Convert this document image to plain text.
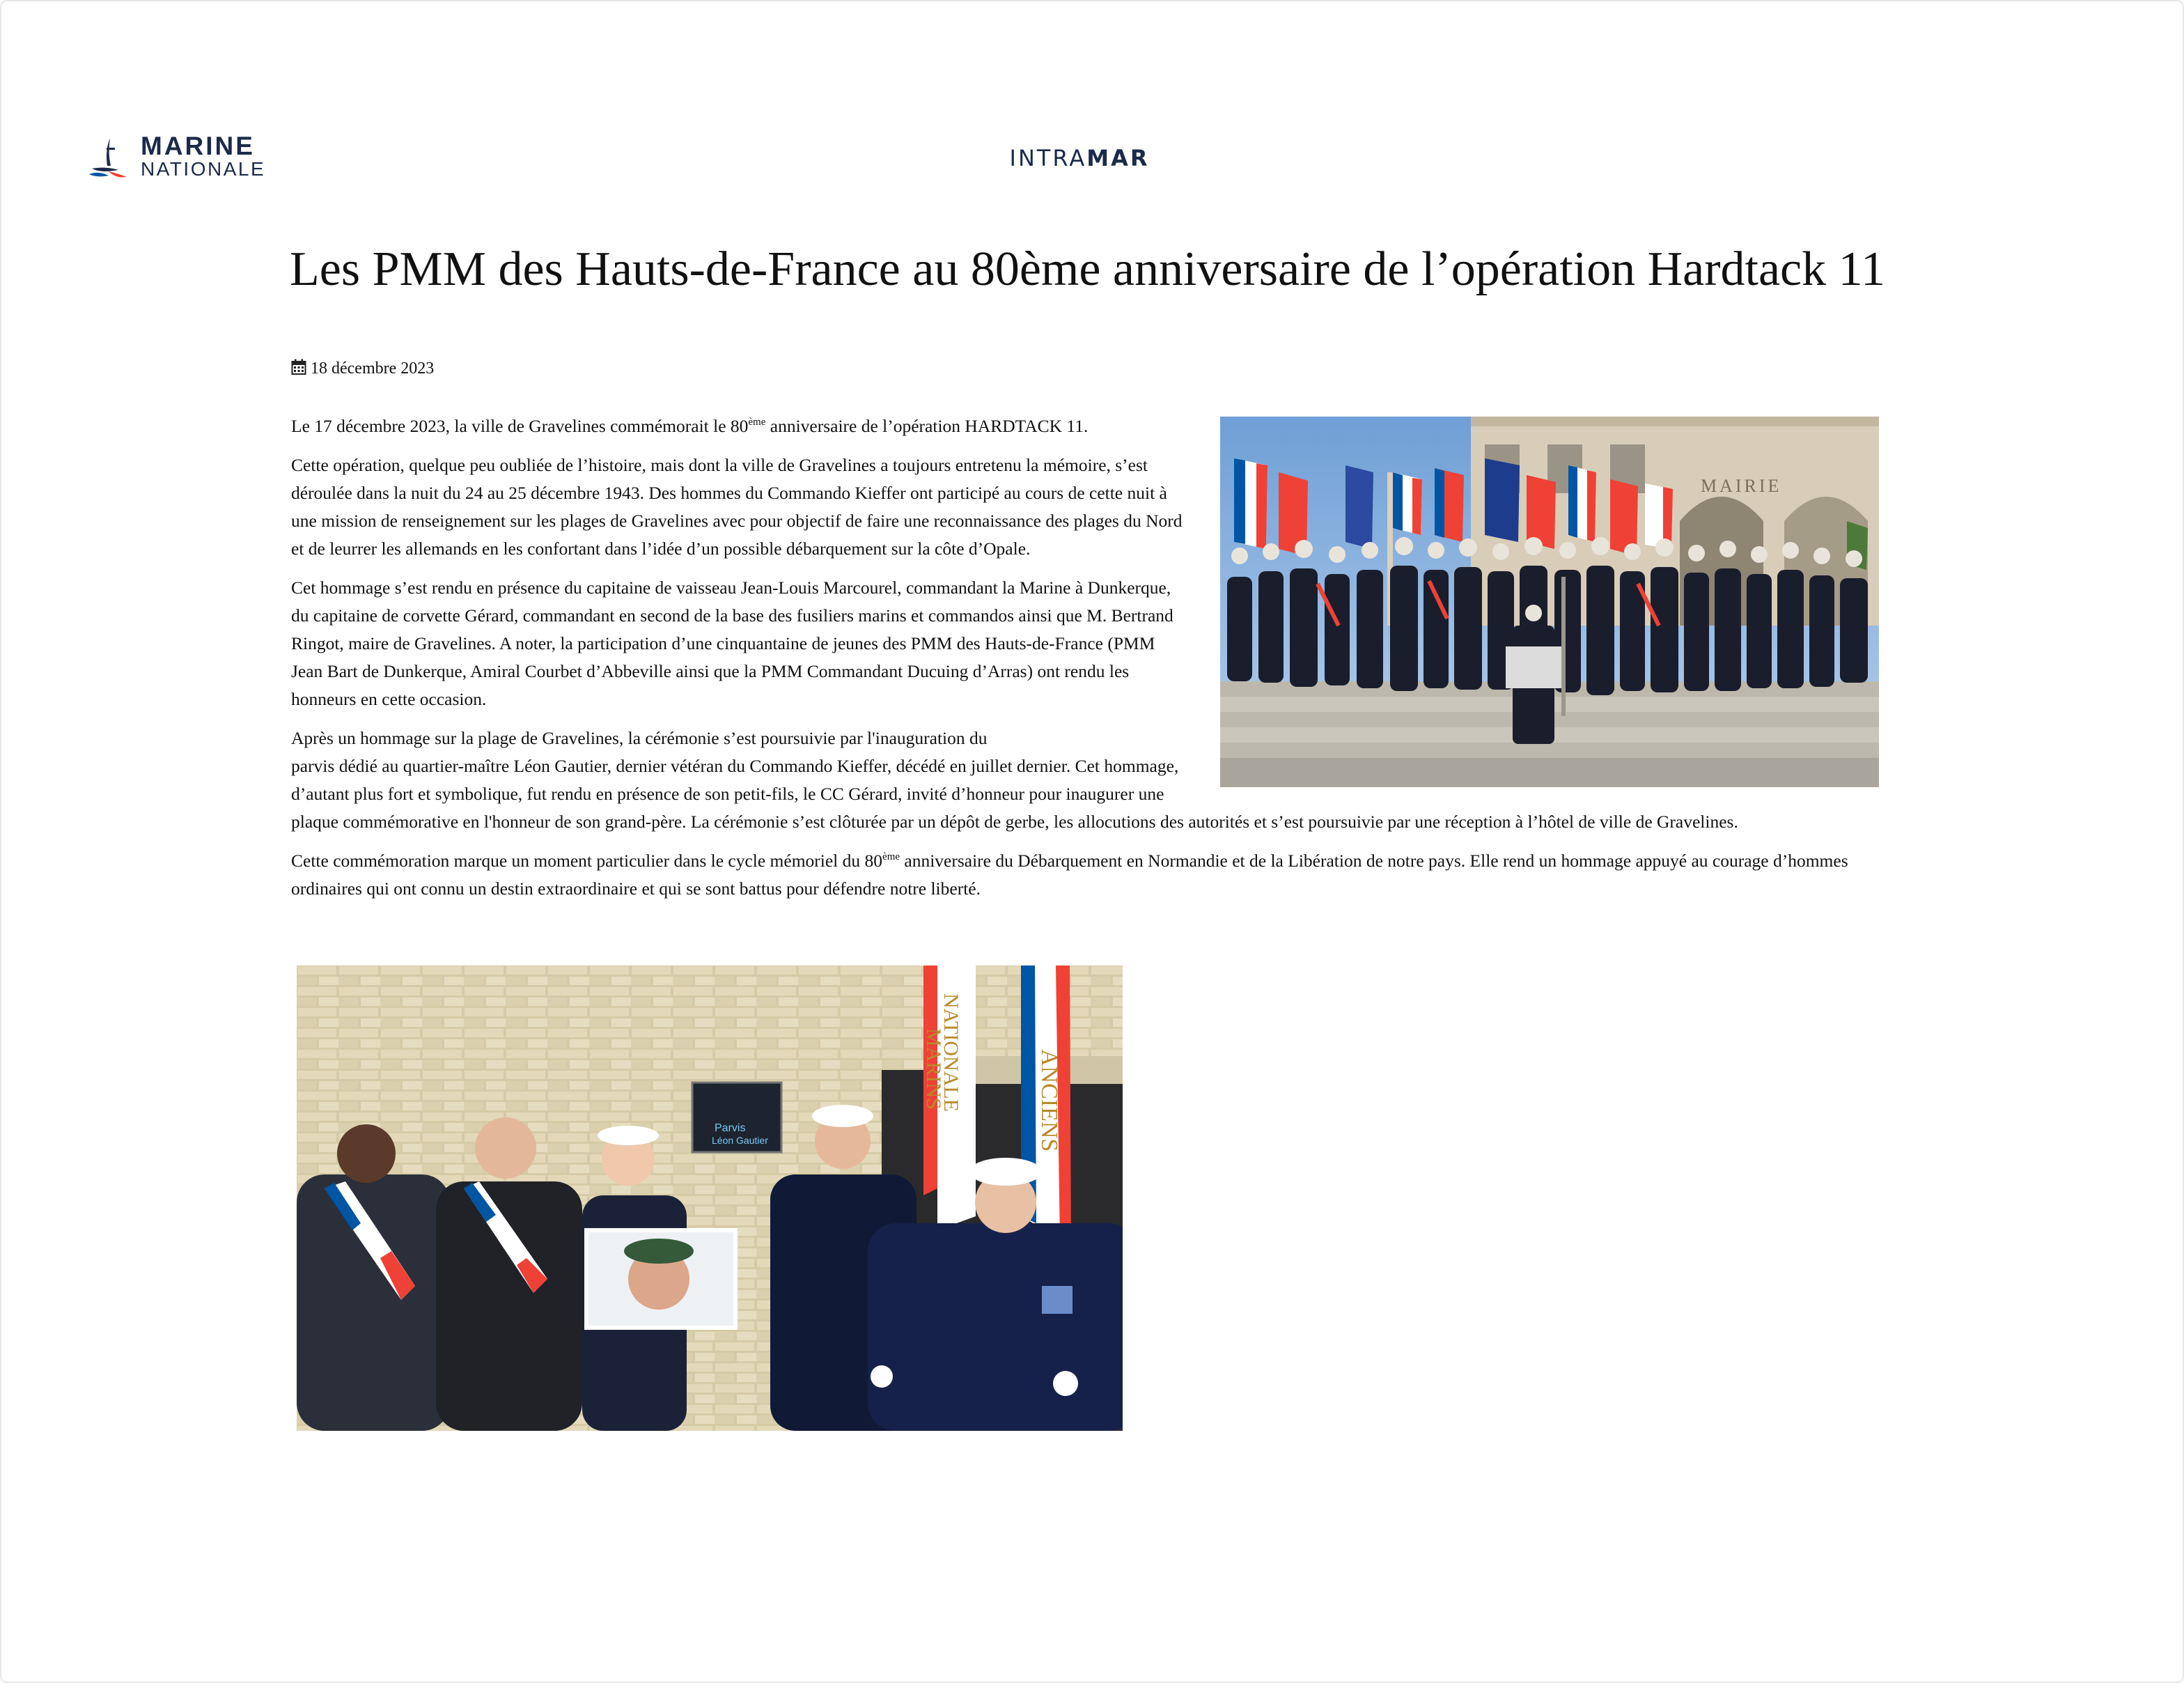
MARINE
NATIONALE	INTRAMAR
Les PMM des Hauts-de-France au 80ème anniversaire de l’opération Hardtack 11
18 décembre 2023
MAIRIE

Le 17 décembre 2023, la ville de Gravelines commémorait le 80ème anniversaire de l’opération HARDTACK 11.

Cette opération, quelque peu oubliée de l’histoire, mais dont la ville de Gravelines a toujours entretenu la mémoire, s’est déroulée dans la nuit du 24 au 25 décembre 1943. Des hommes du Commando Kieffer ont participé au cours de cette nuit à une mission de renseignement sur les plages de Gravelines avec pour objectif de faire une reconnaissance des plages du Nord et de leurrer les allemands en les confortant dans l’idée d’un possible débarquement sur la côte d’Opale.

Cet hommage s’est rendu en présence du capitaine de vaisseau Jean-Louis Marcourel, commandant la Marine à Dunkerque, du capitaine de corvette Gérard, commandant en second de la base des fusiliers marins et commandos ainsi que M. Bertrand Ringot, maire de Gravelines. A noter, la participation d’une cinquantaine de jeunes des PMM des Hauts-de-France (PMM Jean Bart de Dunkerque, Amiral Courbet d’Abbeville ainsi que la PMM Commandant Ducuing d’Arras) ont rendu les honneurs en cette occasion.

Après un hommage sur la plage de Gravelines, la cérémonie s’est poursuivie par l'inauguration du
parvis dédié au quartier-maître Léon Gautier, dernier vétéran du Commando Kieffer, décédé en juillet dernier. Cet hommage, d’autant plus fort et symbolique, fut rendu en présence de son petit-fils, le CC Gérard, invité d’honneur pour inaugurer une plaque commémorative en l'honneur de son grand-père. La cérémonie s’est clôturée par un dépôt de gerbe, les allocutions des autorités et s’est poursuivie par une réception à l’hôtel de ville de Gravelines.

Cette commémoration marque un moment particulier dans le cycle mémoriel du 80ème anniversaire du Débarquement en Normandie et de la Libération de notre pays. Elle rend un hommage appuyé au courage d’hommes ordinaires qui ont connu un destin extraordinaire et qui se sont battus pour défendre notre liberté.

Parvis
Léon Gautier
NATIONALE
MARINS	ANCIENS
